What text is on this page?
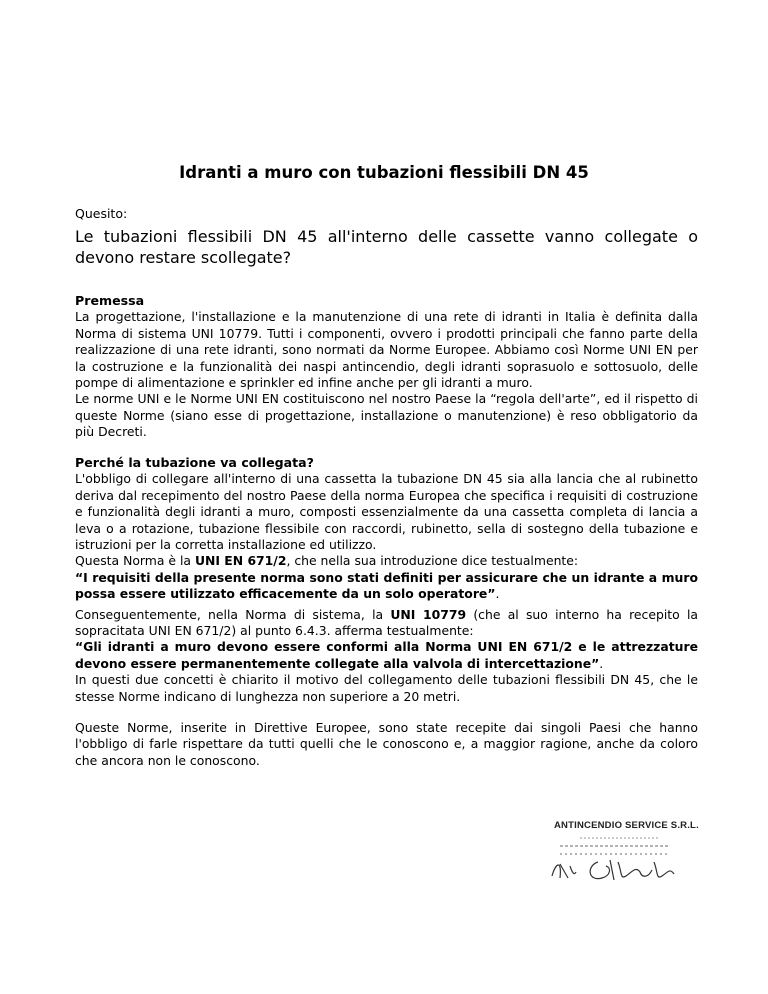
Idranti a muro con tubazioni flessibili DN 45

Quesito:

Le tubazioni flessibili DN 45 all'interno delle cassette vanno collegate o devono restare scollegate?

Premessa

La progettazione, l'installazione e la manutenzione di una rete di idranti in Italia è definita dalla Norma di sistema UNI 10779. Tutti i componenti, ovvero i prodotti principali che fanno parte della realizzazione di una rete idranti, sono normati da Norme Europee. Abbiamo così Norme UNI EN per la costruzione e la funzionalità dei naspi antincendio, degli idranti soprasuolo e sottosuolo, delle pompe di alimentazione e sprinkler ed infine anche per gli idranti a muro.

Le norme UNI e le Norme UNI EN costituiscono nel nostro Paese la “regola dell'arte”, ed il rispetto di queste Norme (siano esse di progettazione, installazione o manutenzione) è reso obbligatorio da più Decreti.

Perché la tubazione va collegata?

L'obbligo di collegare all'interno di una cassetta la tubazione DN 45 sia alla lancia che al rubinetto deriva dal recepimento del nostro Paese della norma Europea che specifica i requisiti di costruzione e funzionalità degli idranti a muro, composti essenzialmente da una cassetta completa di lancia a leva o a rotazione, tubazione flessibile con raccordi, rubinetto, sella di sostegno della tubazione e istruzioni per la corretta installazione ed utilizzo.

Questa Norma è la UNI EN 671/2, che nella sua introduzione dice testualmente:

“I requisiti della presente norma sono stati definiti per assicurare che un idrante a muro possa essere utilizzato efficacemente da un solo operatore”.

Conseguentemente, nella Norma di sistema, la UNI 10779 (che al suo interno ha recepito la sopracitata UNI EN 671/2) al punto 6.4.3. afferma testualmente:

“Gli idranti a muro devono essere conformi alla Norma UNI EN 671/2 e le attrezzature devono essere permanentemente collegate alla valvola di intercettazione”.

In questi due concetti è chiarito il motivo del collegamento delle tubazioni flessibili DN 45, che le stesse Norme indicano di lunghezza non superiore a 20 metri.

Queste Norme, inserite in Direttive Europee, sono state recepite dai singoli Paesi che hanno l'obbligo di farle rispettare da tutti quelli che le conoscono e, a maggior ragione, anche da coloro che ancora non le conoscono.

ANTINCENDIO SERVICE S.R.L.
